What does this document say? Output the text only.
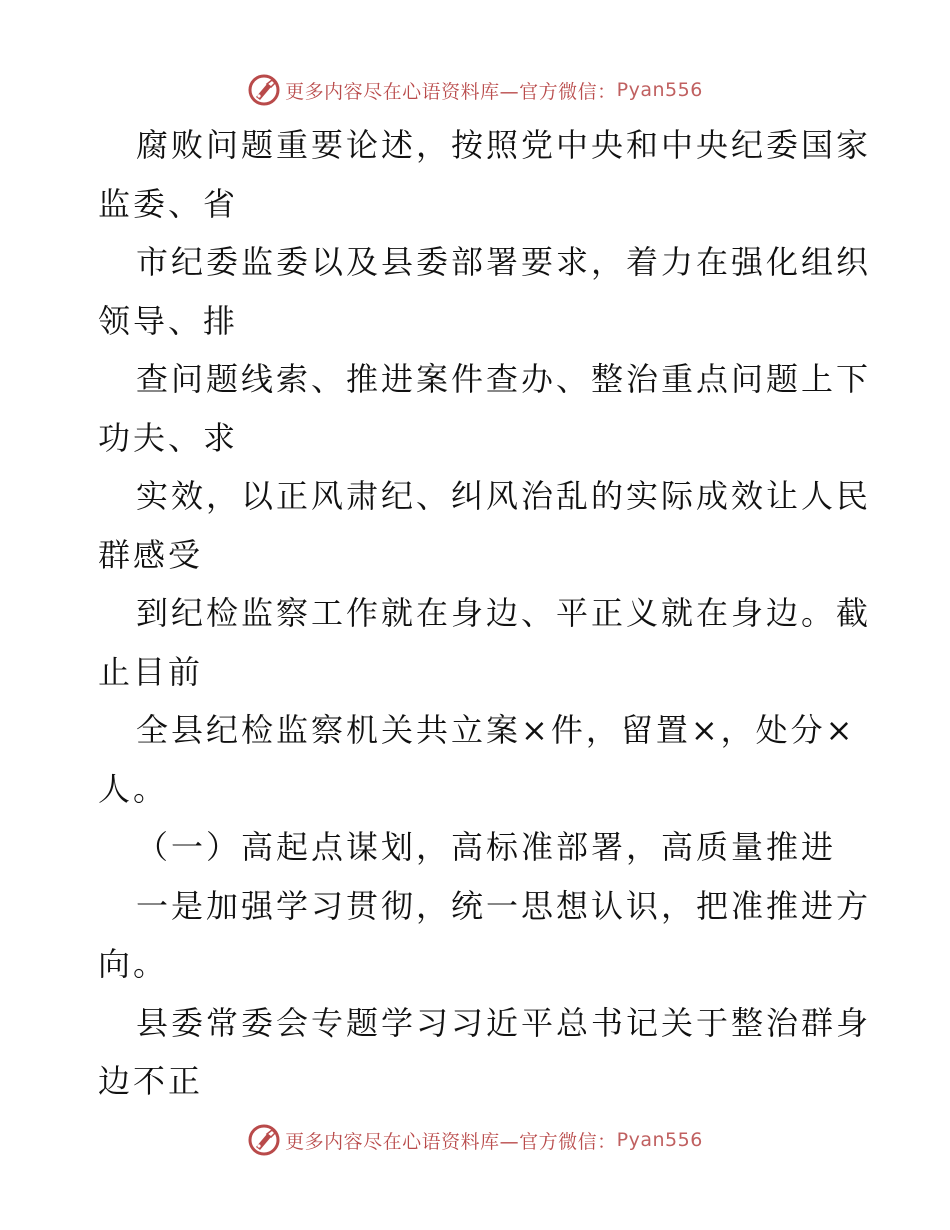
更多内容尽在心语资料库—官方微信： Pyan556
腐败问题重要论述，按照党中央和中央纪委国家
监委、省
市纪委监委以及县委部署要求，着力在强化组织
领导、排
查问题线索、推进案件查办、整治重点问题上下
功夫、求
实效，以正风肃纪、纠风治乱的实际成效让人民
群感受
到纪检监察工作就在身边、平正义就在身边。截
止目前
全县纪检监察机关共立案×件，留置×，处分×
人。
（一）高起点谋划，高标准部署，高质量推进
一是加强学习贯彻，统一思想认识，把准推进方
向。
县委常委会专题学习习近平总书记关于整治群身
边不正
更多内容尽在心语资料库—官方微信： Pyan556
